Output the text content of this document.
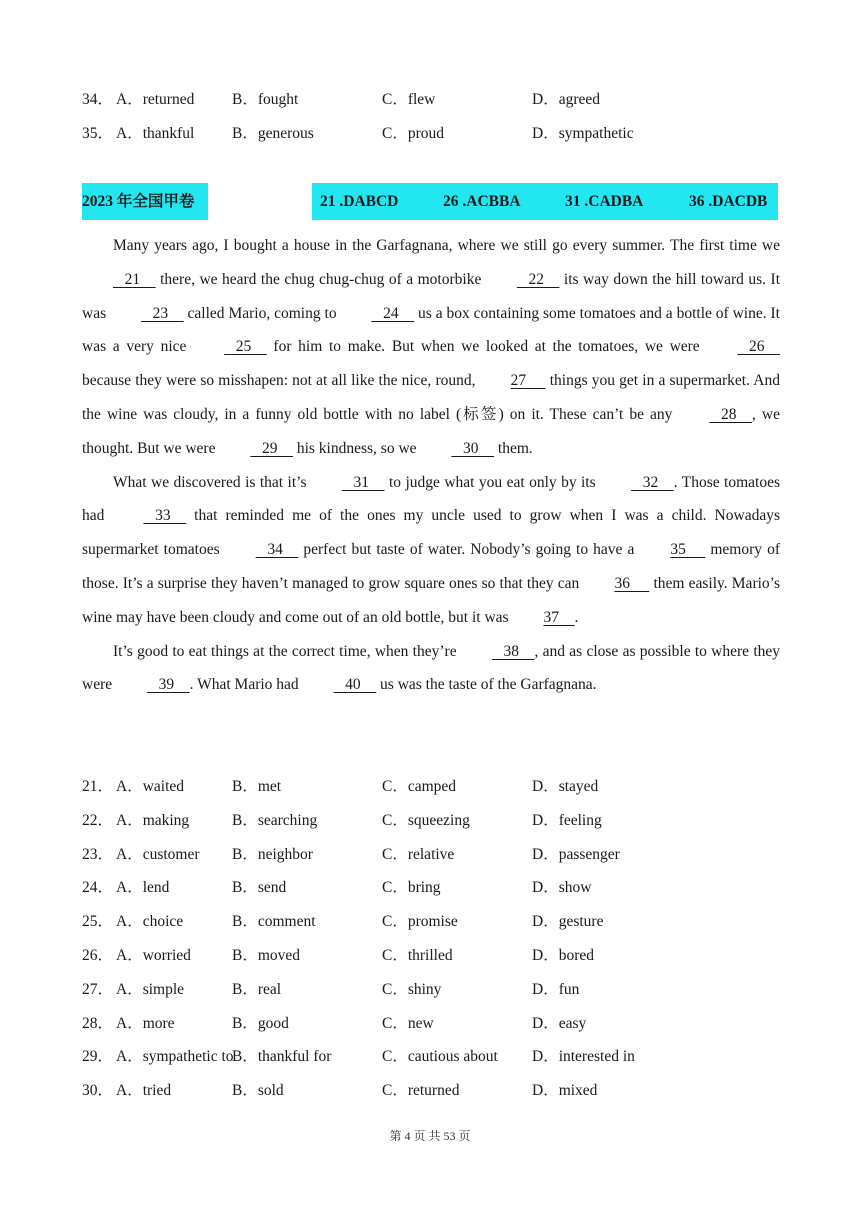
34． A．returned B．fought	C．flew	D．agreed
35． A．thankful B．generous	C．proud	D．sympathetic
2023 年全国甲卷	21 .DABCD	26 .ACBBA	31 .CADBA	36 .DACDB

Many years ago, I bought a house in the Garfagnana, where we still go every summer. The first time we    21     there, we heard the chug chug-chug of a motorbike    22     its way down the hill toward us. It was    23     called Mario, coming to    24     us a box containing some tomatoes and a bottle of wine. It was a very nice    25     for him to make. But when we looked at the tomatoes, we were    26     because they were so misshapen: not at all like the nice, round, 27      things you get in a supermarket. And the wine was cloudy, in a funny old bottle with no label (标签) on it. These can’t be any    28    , we thought. But we were    29     his kindness, so we    30     them.

What we discovered is that it’s    31     to judge what you eat only by its    32    . Those tomatoes had    33     that reminded me of the ones my uncle used to grow when I was a child. Nowadays supermarket tomatoes    34     perfect but taste of water. Nobody’s going to have a 35      memory of those. It’s a surprise they haven’t managed to grow square ones so that they can 36      them easily. Mario’s wine may have been cloudy and come out of an old bottle, but it was 37    .

It’s good to eat things at the correct time, when they’re    38    , and as close as possible to where they were    39    . What Mario had    40     us was the taste of the Garfagnana.

21． A．waited	B．met	C．camped	D．stayed
22． A．making	B．searching	C．squeezing	D．feeling
23． A．customer B．neighbor	C．relative	D．passenger
24． A．lend	B．send	C．bring	D．show
25． A．choice	B．comment	C．promise	D．gesture
26． A．worried	B．moved	C．thrilled	D．bored
27． A．simple	B．real	C．shiny	D．fun
28． A．more	B．good	C．new	D．easy
29． A．sympathetic to
B．thankful for	C．cautious about D．interested in
30． A．tried	B．sold	C．returned	D．mixed
第 4 页 共 53 页
